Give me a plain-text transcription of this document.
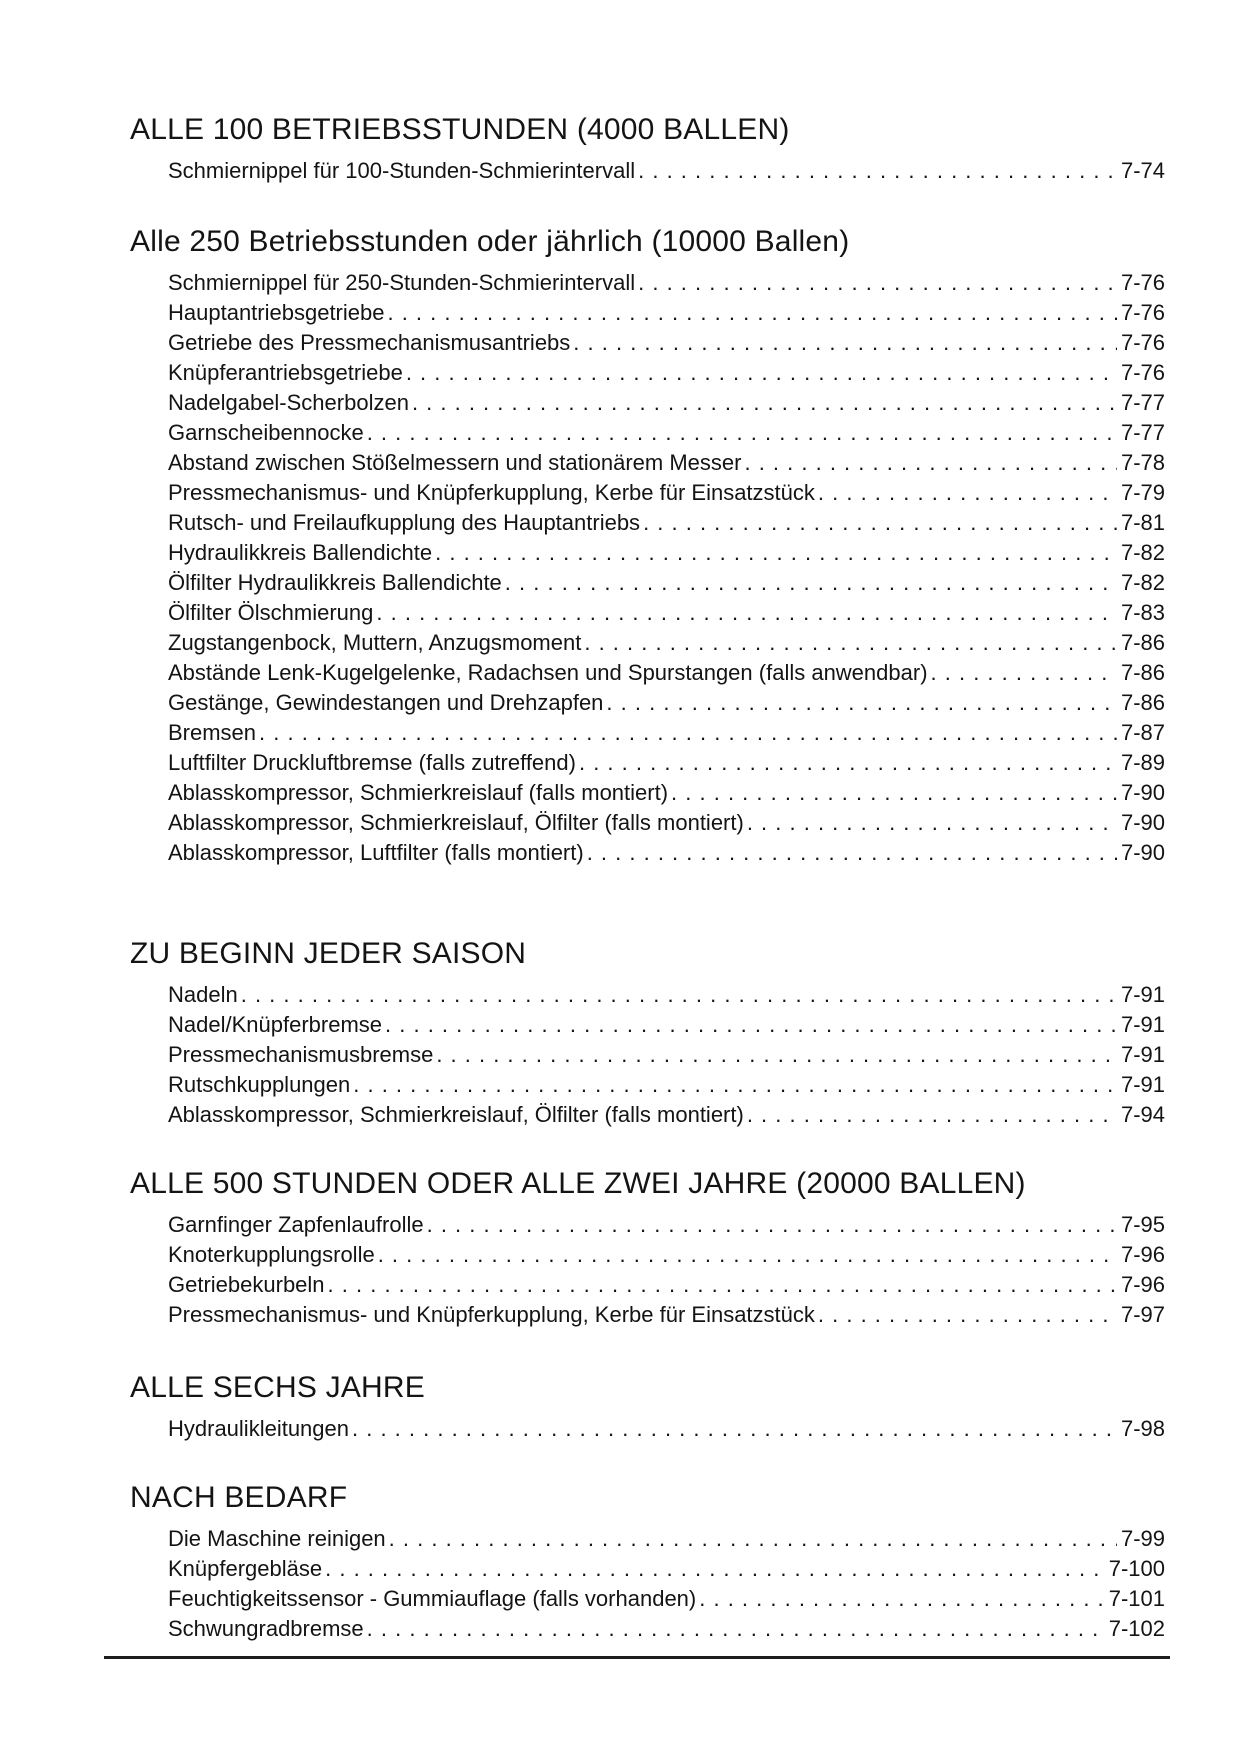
ALLE 100 BETRIEBSSTUNDEN (4000 BALLEN)
Schmiernippel für 100-Stunden-Schmierintervall . . .	7-74
Alle 250 Betriebsstunden oder jährlich (10000 Ballen)
Schmiernippel für 250-Stunden-Schmierintervall . . .	7-76
Hauptantriebsgetriebe . . .	7-76
Getriebe des Pressmechanismusantriebs . . .	7-76
Knüpferantriebsgetriebe . . .	7-76
Nadelgabel-Scherbolzen . . .	7-77
Garnscheibennocke . . .	7-77
Abstand zwischen Stößelmessern und stationärem Messer . . .	7-78
Pressmechanismus- und Knüpferkupplung, Kerbe für Einsatzstück . . .	7-79
Rutsch- und Freilaufkupplung des Hauptantriebs . . .	7-81
Hydraulikkreis Ballendichte . . .	7-82
Ölfilter Hydraulikkreis Ballendichte . . .	7-82
Ölfilter Ölschmierung . . .	7-83
Zugstangenbock, Muttern, Anzugsmoment . . .	7-86
Abstände Lenk-Kugelgelenke, Radachsen und Spurstangen (falls anwendbar) . . .	7-86
Gestänge, Gewindestangen und Drehzapfen . . .	7-86
Bremsen . . .	7-87
Luftfilter Druckluftbremse (falls zutreffend) . . .	7-89
Ablasskompressor, Schmierkreislauf (falls montiert) . . .	7-90
Ablasskompressor, Schmierkreislauf, Ölfilter (falls montiert) . . .	7-90
Ablasskompressor, Luftfilter (falls montiert) . . .	7-90
ZU BEGINN JEDER SAISON
Nadeln . . .	7-91
Nadel/Knüpferbremse . . .	7-91
Pressmechanismusbremse . . .	7-91
Rutschkupplungen . . .	7-91
Ablasskompressor, Schmierkreislauf, Ölfilter (falls montiert) . . .	7-94
ALLE 500 STUNDEN ODER ALLE ZWEI JAHRE (20000 BALLEN)
Garnfinger Zapfenlaufrolle . . .	7-95
Knoterkupplungsrolle . . .	7-96
Getriebekurbeln . . .	7-96
Pressmechanismus- und Knüpferkupplung, Kerbe für Einsatzstück . . .	7-97
ALLE SECHS JAHRE
Hydraulikleitungen . . .	7-98
NACH BEDARF
Die Maschine reinigen . . .	7-99
Knüpfergebläse . . .	7-100
Feuchtigkeitssensor - Gummiauflage (falls vorhanden) . . .	7-101
Schwungradbremse . . .	7-102
